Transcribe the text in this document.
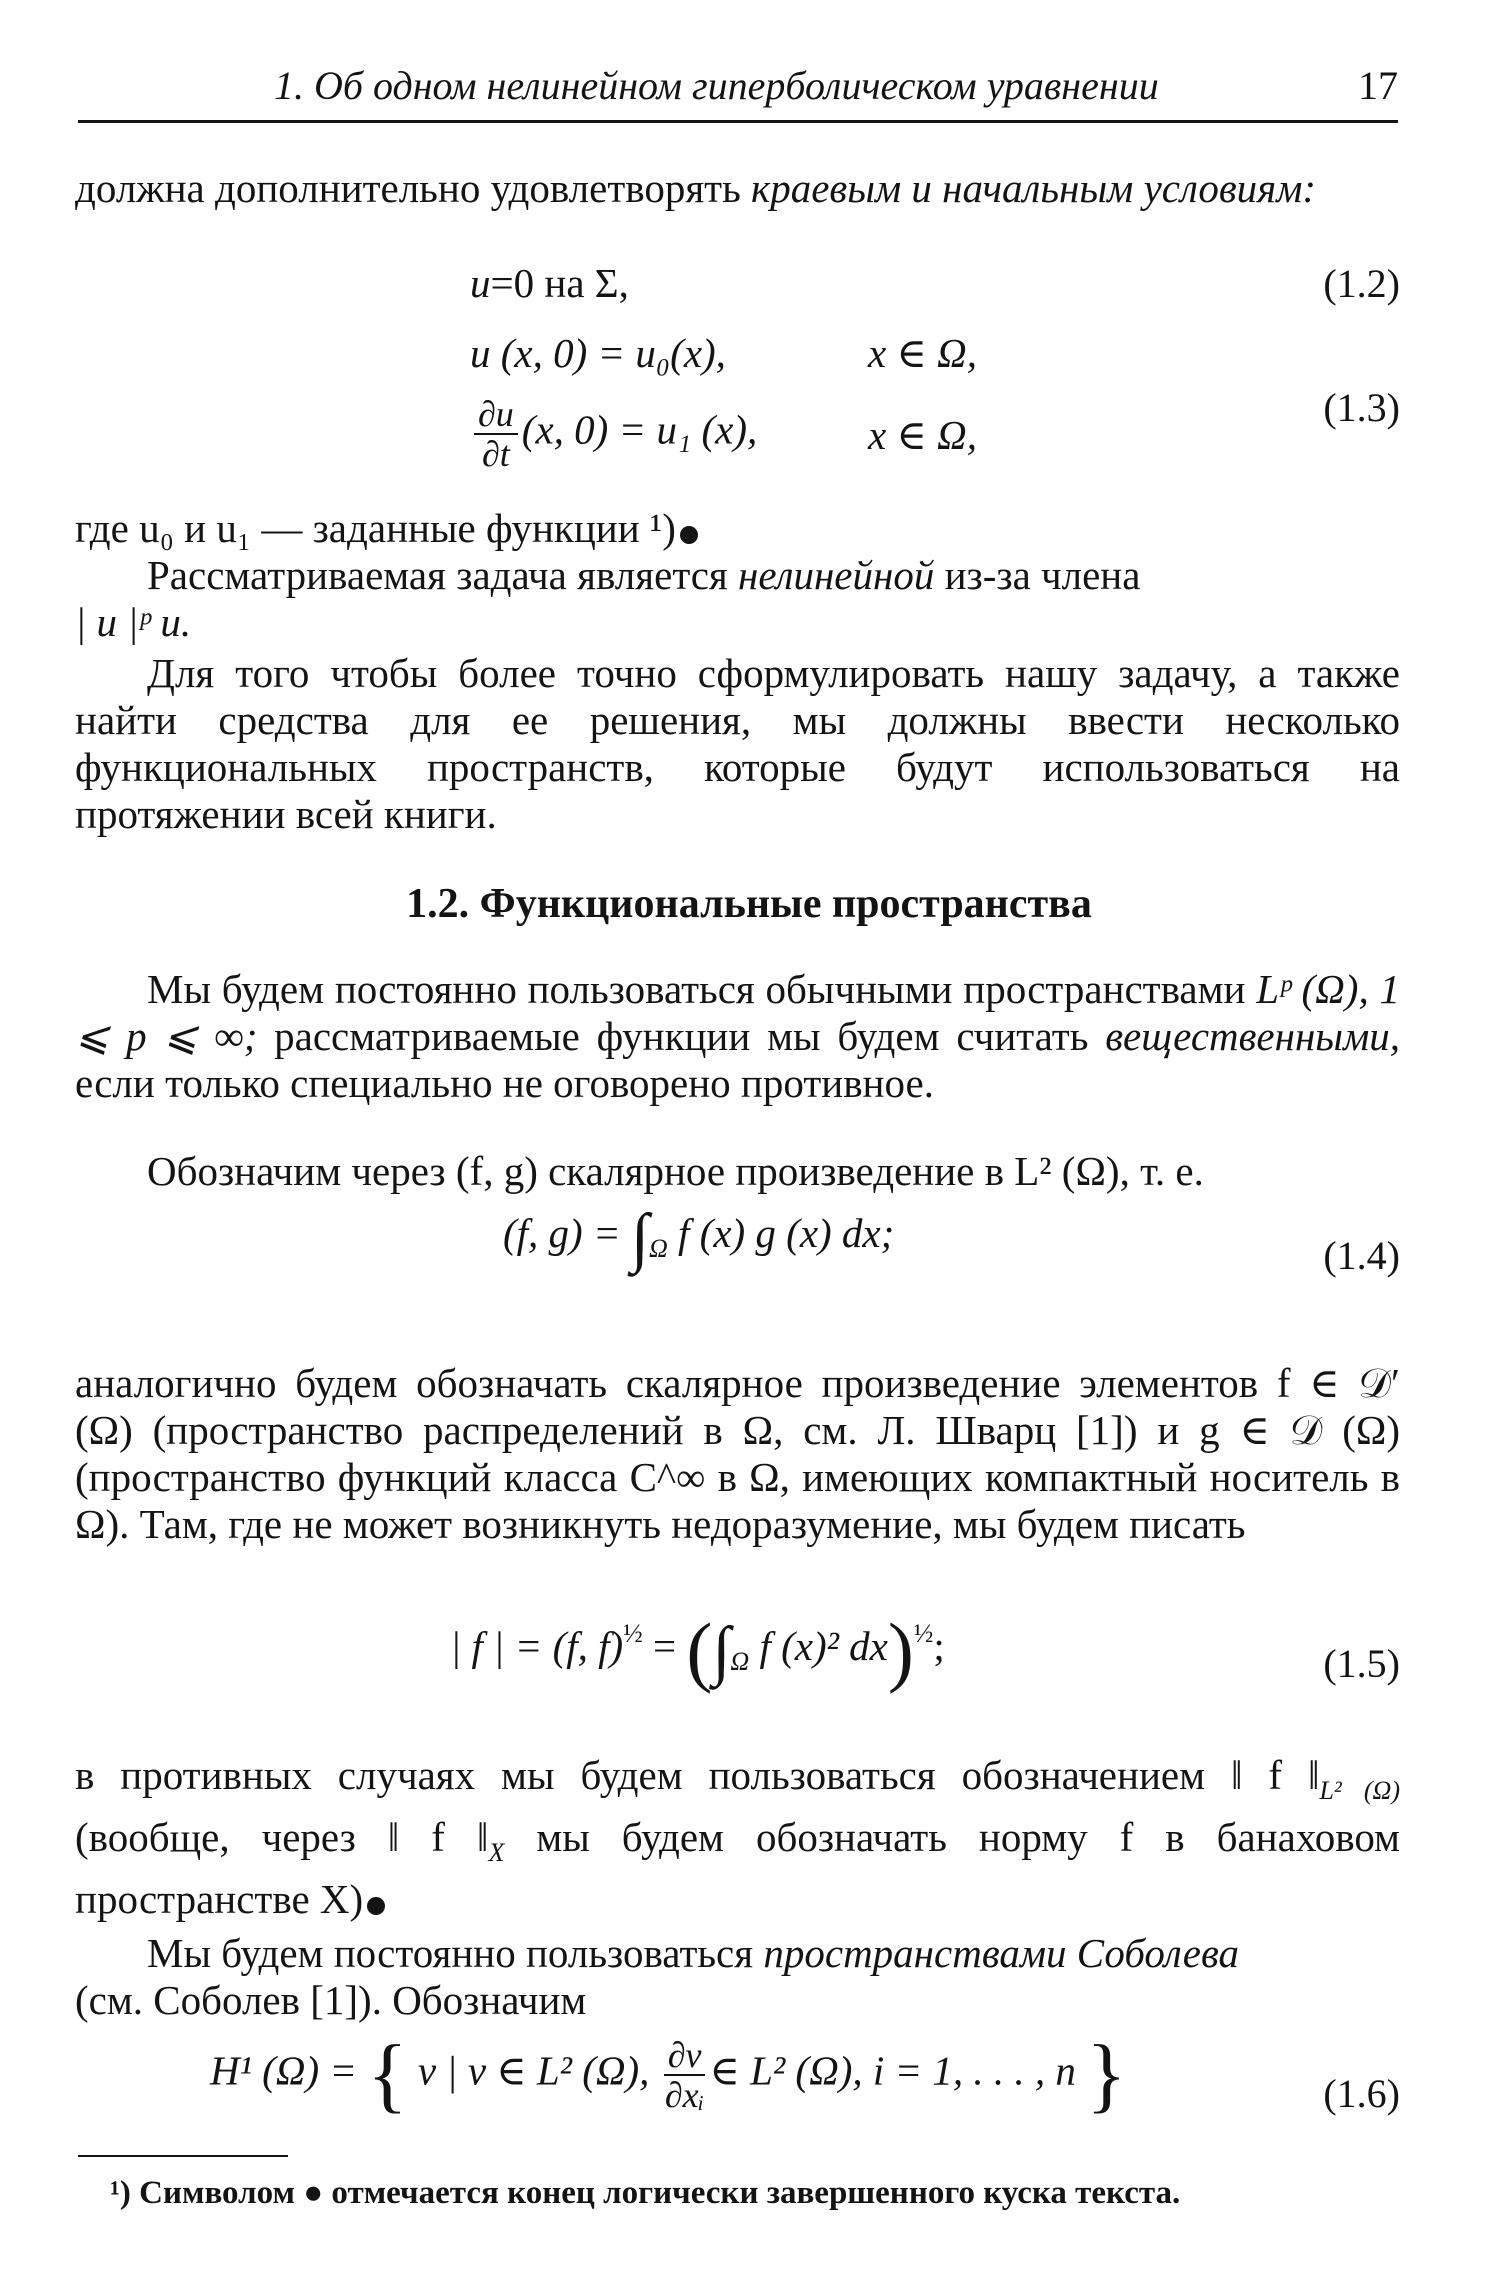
1. Об одном нелинейном гиперболическом уравнении	17
должна дополнительно удовлетворять краевым и начальным условиям:
u=0 на Σ,	(1.2)
u (x, 0) = u₀(x),	x ∈ Ω,
$\frac{\partial u}{\partial t} (x$, 0) = u₁ (x),	x ∈ Ω,
(1.3)
где u₀ и u₁ — заданные функции ¹)
Рассматриваемая задача является нелинейной из-за члена
| u |ᵖ u.
Для того чтобы более точно сформулировать нашу задачу, а также найти средства для ее решения, мы должны ввести несколько функциональных пространств, которые будут использоваться на протяжении всей книги.
1.2. Функциональные пространства
Мы будем постоянно пользоваться обычными пространствами Lᵖ (Ω), 1 ⩽ p ⩽ ∞; рассматриваемые функции мы будем считать вещественными, если только специально не оговорено противное.
Обозначим через (f, g) скалярное произведение в L² (Ω), т. е.
(f, $g) = \int_\Omega$ f (x) g (x) dx;	(1.4)
аналогично будем обозначать скалярное произведение элементов f ∈ 𝒟′ (Ω) (пространство распределений в Ω, см. Л. Шварц [1]) и g ∈ 𝒟 (Ω) (пространство функций класса C^∞ в Ω, имеющих компактный носитель в Ω). Там, где не может возникнуть недоразумение, мы будем писать
| f | = (f, $f)^{\frac{1}{2}} = (\int_\Omega$ f (x)² dx)$^{\frac{1}{2}}$;	(1.5)
в противных случаях мы будем пользоваться обозначением ‖ f $‖_{L^2 (\Omega)}$ (вообще, через ‖ f $‖_X$ мы будем обозначать норму f в банаховом пространстве X)
Мы будем постоянно пользоваться пространствами Соболева
(см. Соболев [1]). Обозначим
H¹ (Ω) = { v | v ∈ L² (Ω), $\frac{\partial v}{\text{∂xᵢ}}$ ∈ L² (Ω), i = 1, . . . , n }	(1.6)
¹) Символом ● отмечается конец логически завершенного куска текста.
